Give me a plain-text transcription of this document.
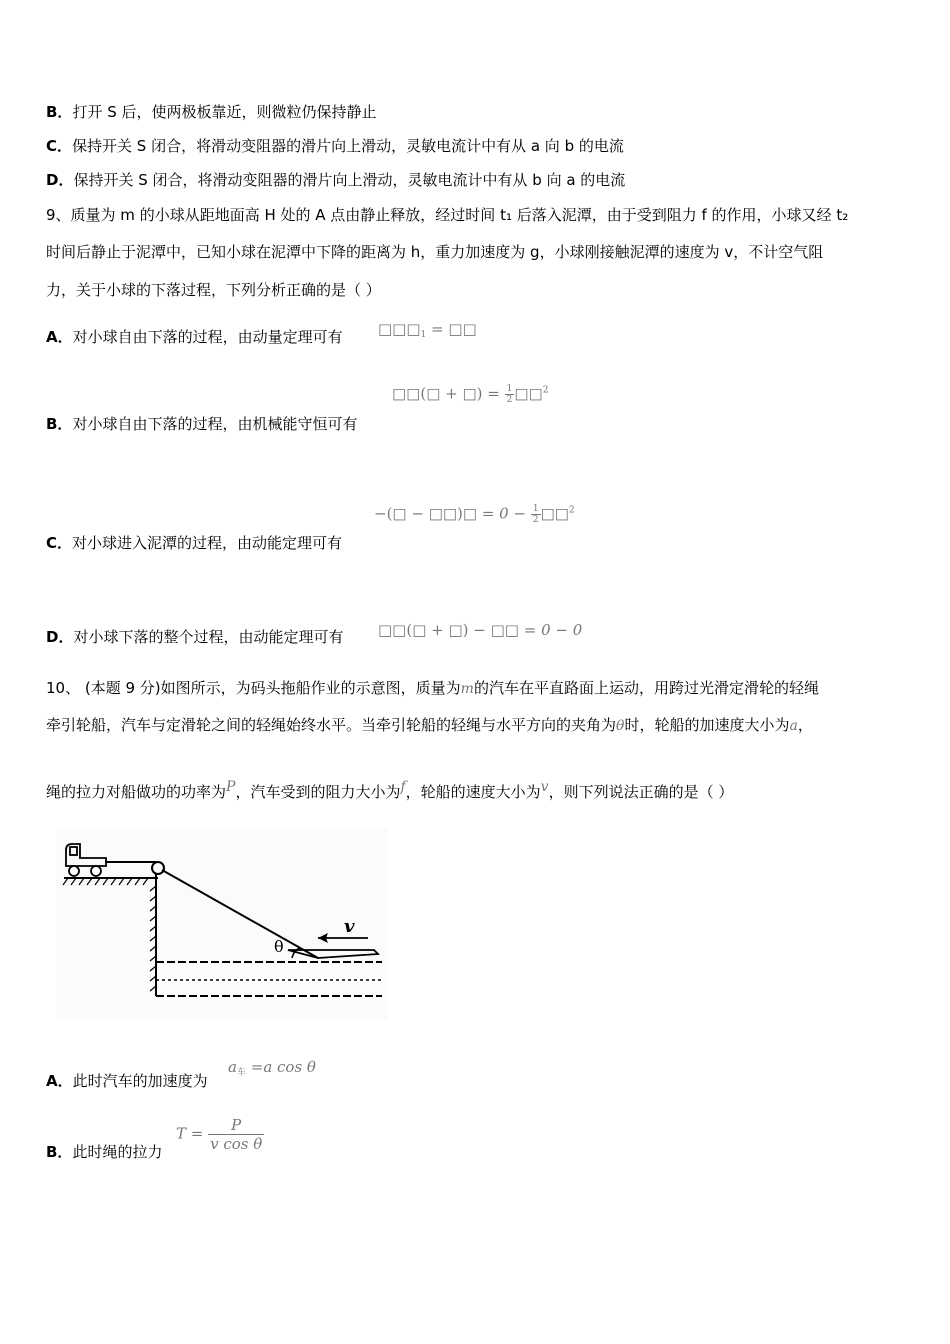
B．打开 S 后，使两极板靠近，则微粒仍保持静止
C．保持开关 S 闭合，将滑动变阻器的滑片向上滑动，灵敏电流计中有从 a 向 b 的电流
D．保持开关 S 闭合，将滑动变阻器的滑片向上滑动，灵敏电流计中有从 b 向 a 的电流
9、质量为 m 的小球从距地面高 H 处的 A 点由静止释放，经过时间 t₁ 后落入泥潭，由于受到阻力 f 的作用，小球又经 t₂
时间后静止于泥潭中，已知小球在泥潭中下降的距离为 h，重力加速度为 g，小球刚接触泥潭的速度为 v，不计空气阻
力，关于小球的下落过程，下列分析正确的是（ ）
A．对小球自由下落的过程，由动量定理可有 $□□□_1$ = □□
□□(□ + □) = $\frac{1}{2}$ □□$^2$
B．对小球自由下落的过程，由机械能守恒可有
−(□ − □□)□ = $0 - \frac{1}{2}$ □□$^2$
C．对小球进入泥潭的过程，由动能定理可有
D．对小球下落的整个过程，由动能定理可有 □□(□ + □) − □□ = 0 − 0
10、 (本题 9 分)如图所示，为码头拖船作业的示意图，质量为m的汽车在平直路面上运动，用跨过光滑定滑轮的轻绳
牵引轮船，汽车与定滑轮之间的轻绳始终水平。当牵引轮船的轻绳与水平方向的夹角为θ时，轮船的加速度大小为a，
绳的拉力对船做功的功率为P，汽车受到的阻力大小为f，轮船的速度大小为v，则下列说法正确的是（ ）
θ
v
A．此时汽车的加速度为
$a_车 =a$ cos θ
B．此时绳的拉力
$T = \frac{P}{\text{v cos θ}}$
